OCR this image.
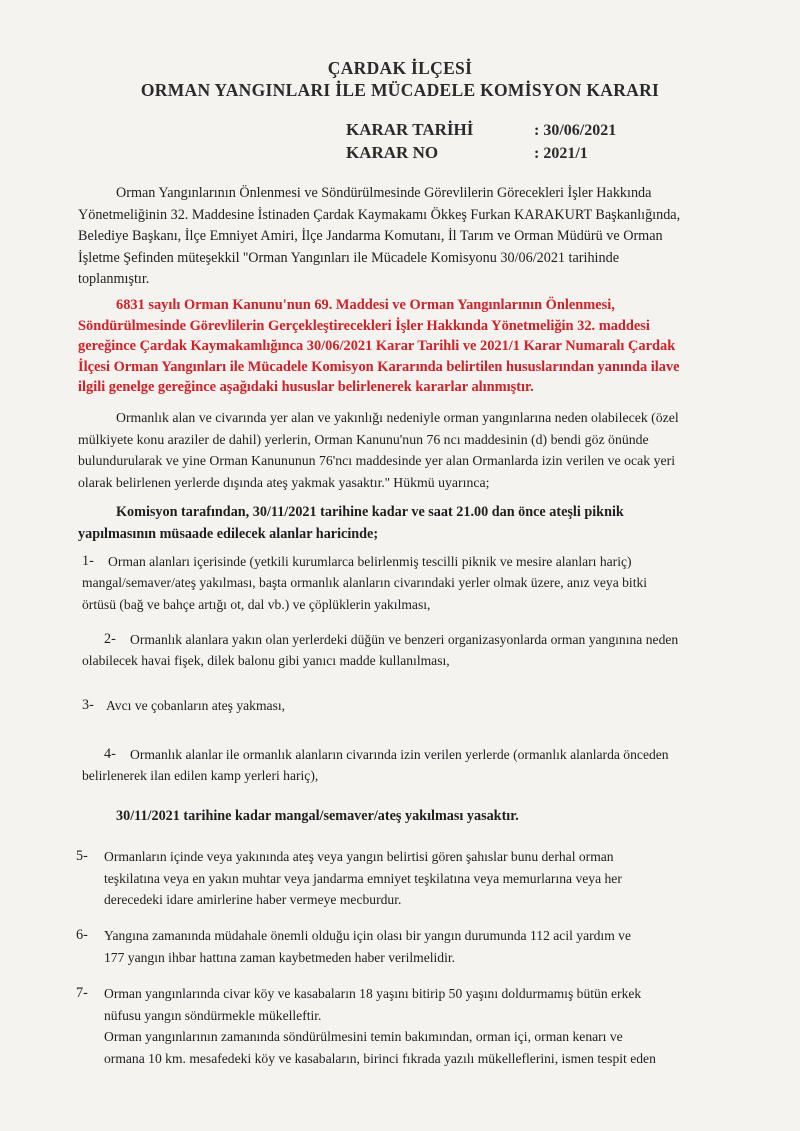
ÇARDAK İLÇESİ
ORMAN YANGINLARI İLE MÜCADELE KOMİSYON KARARI
KARAR TARİHİ	: 30/06/2021
KARAR NO	: 2021/1
Orman Yangınlarının Önlenmesi ve Söndürülmesinde Görevlilerin Görecekleri İşler Hakkında
Yönetmeliğinin 32. Maddesine İstinaden Çardak Kaymakamı Ökkeş Furkan KARAKURT Başkanlığında,
Belediye Başkanı, İlçe Emniyet Amiri, İlçe Jandarma Komutanı, İl Tarım ve Orman Müdürü ve Orman
İşletme Şefinden müteşekkil ''Orman Yangınları ile Mücadele Komisyonu 30/06/2021 tarihinde
toplanmıştır.
6831 sayılı Orman Kanunu'nun 69. Maddesi ve Orman Yangınlarının Önlenmesi,
Söndürülmesinde Görevlilerin Gerçekleştirecekleri İşler Hakkında Yönetmeliğin 32. maddesi
gereğince Çardak Kaymakamlığınca 30/06/2021 Karar Tarihli ve 2021/1 Karar Numaralı Çardak
İlçesi Orman Yangınları ile Mücadele Komisyon Kararında belirtilen hususlarından yanında ilave
ilgili genelge gereğince aşağıdaki hususlar belirlenerek kararlar alınmıştır.
Ormanlık alan ve civarında yer alan ve yakınlığı nedeniyle orman yangınlarına neden olabilecek (özel
mülkiyete konu araziler de dahil) yerlerin, Orman Kanunu'nun 76 ncı maddesinin (d) bendi göz önünde
bulundurularak ve yine Orman Kanununun 76'ncı maddesinde yer alan Ormanlarda izin verilen ve ocak yeri
olarak belirlenen yerlerde dışında ateş yakmak yasaktır.'' Hükmü uyarınca;
Komisyon tarafından, 30/11/2021 tarihine kadar ve saat 21.00 dan önce ateşli piknik
yapılmasının müsaade edilecek alanlar haricinde;
1- Orman alanları içerisinde (yetkili kurumlarca belirlenmiş tescilli piknik ve mesire alanları hariç)
mangal/semaver/ateş yakılması, başta ormanlık alanların civarındaki yerler olmak üzere, anız veya bitki
örtüsü (bağ ve bahçe artığı ot, dal vb.) ve çöplüklerin yakılması,
2- Ormanlık alanlara yakın olan yerlerdeki düğün ve benzeri organizasyonlarda orman yangınına neden
olabilecek havai fişek, dilek balonu gibi yanıcı madde kullanılması,
3- Avcı ve çobanların ateş yakması,
4- Ormanlık alanlar ile ormanlık alanların civarında izin verilen yerlerde (ormanlık alanlarda önceden
belirlenerek ilan edilen kamp yerleri hariç),
30/11/2021 tarihine kadar mangal/semaver/ateş yakılması yasaktır.
5- Ormanların içinde veya yakınında ateş veya yangın belirtisi gören şahıslar bunu derhal orman
teşkilatına veya en yakın muhtar veya jandarma emniyet teşkilatına veya memurlarına veya her
derecedeki idare amirlerine haber vermeye mecburdur.
6- Yangına zamanında müdahale önemli olduğu için olası bir yangın durumunda 112 acil yardım ve
177 yangın ihbar hattına zaman kaybetmeden haber verilmelidir.
7- Orman yangınlarında civar köy ve kasabaların 18 yaşını bitirip 50 yaşını doldurmamış bütün erkek
nüfusu yangın söndürmekle mükelleftir.
Orman yangınlarının zamanında söndürülmesini temin bakımından, orman içi, orman kenarı ve
ormana 10 km. mesafedeki köy ve kasabaların, birinci fıkrada yazılı mükelleflerini, ismen tespit eden
